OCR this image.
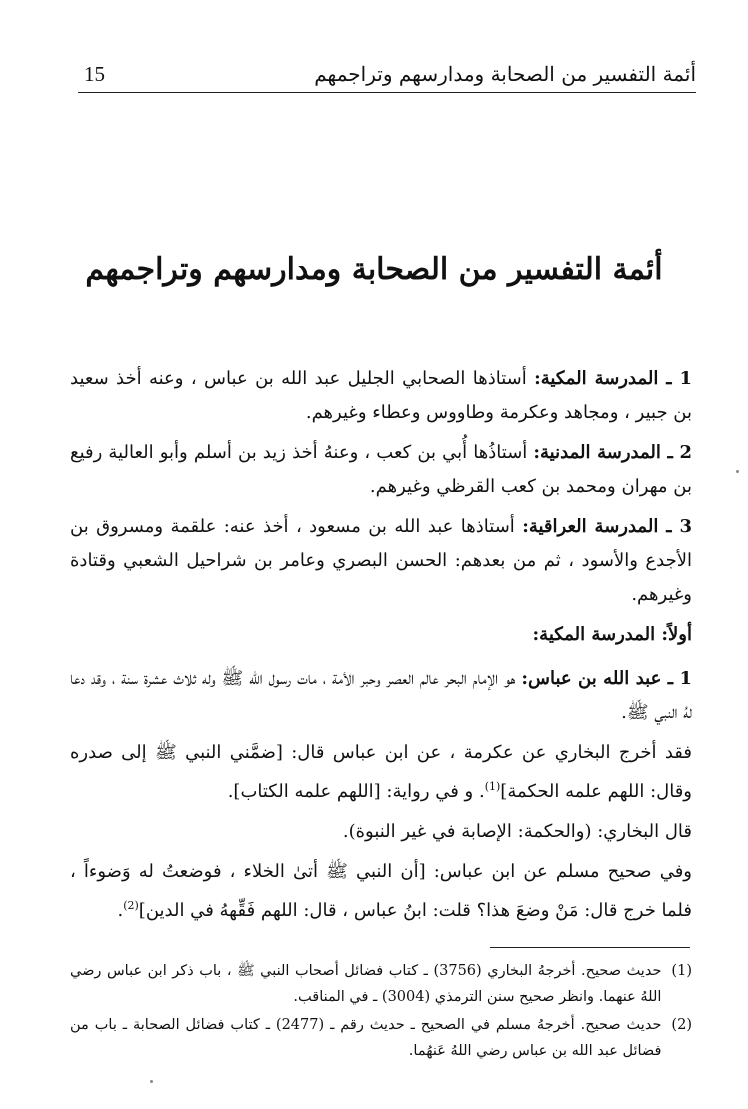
15	أئمة التفسير من الصحابة ومدارسهم وتراجمهم
أئمة التفسير من الصحابة ومدارسهم وتراجمهم

1 ـ المدرسة المكية: أستاذها الصحابي الجليل عبد الله بن عباس ، وعنه أخذ سعيد بن جبير ، ومجاهد وعكرمة وطاووس وعطاء وغيرهم.

2 ـ المدرسة المدنية: أستاذُها أُبي بن كعب ، وعنهُ أخذ زيد بن أسلم وأبو العالية رفيع بن مهران ومحمد بن كعب القرظي وغيرهم.

3 ـ المدرسة العراقية: أستاذها عبد الله بن مسعود ، أخذ عنه: علقمة ومسروق بن الأجدع والأسود ، ثم من بعدهم: الحسن البصري وعامر بن شراحيل الشعبي وقتادة وغيرهم.

أولاً: المدرسة المكية:

1 ـ عبد الله بن عباس: هو الإمام البحر عالم العصر وحبر الأمة ، مات رسول الله ﷺ وله ثلاث عشرة سنة ، وقد دعا لهُ النبي ﷺ.

فقد أخرج البخاري عن عكرمة ، عن ابن عباس قال: [ضمَّني النبي ﷺ إلى صدره وقال: اللهم علمه الحكمة]$^{(1)}$. و في رواية: [اللهم علمه الكتاب].

قال البخاري: (والحكمة: الإصابة في غير النبوة).

وفي صحيح مسلم عن ابن عباس: [أن النبي ﷺ أتىٰ الخلاء ، فوضعتُ له وَضوءاً ، فلما خرج قال: مَنْ وضعَ هذا؟ قلت: ابنُ عباس ، قال: اللهم فَقِّههُ في الدين]$^{(2)}$.

(1)
حديث صحيح. أخرجهُ البخاري (3756) ـ كتاب فضائل أصحاب النبي ﷺ ، باب ذكر ابن عباس رضي اللهُ عنهما. وانظر صحيح سنن الترمذي (3004) ـ في المناقب.
(2)
حديث صحيح. أخرجهُ مسلم في الصحيح ـ حديث رقم ـ (2477) ـ كتاب فضائل الصحابة ـ باب من فضائل عبد الله بن عباس رضي اللهُ عَنهُما.
